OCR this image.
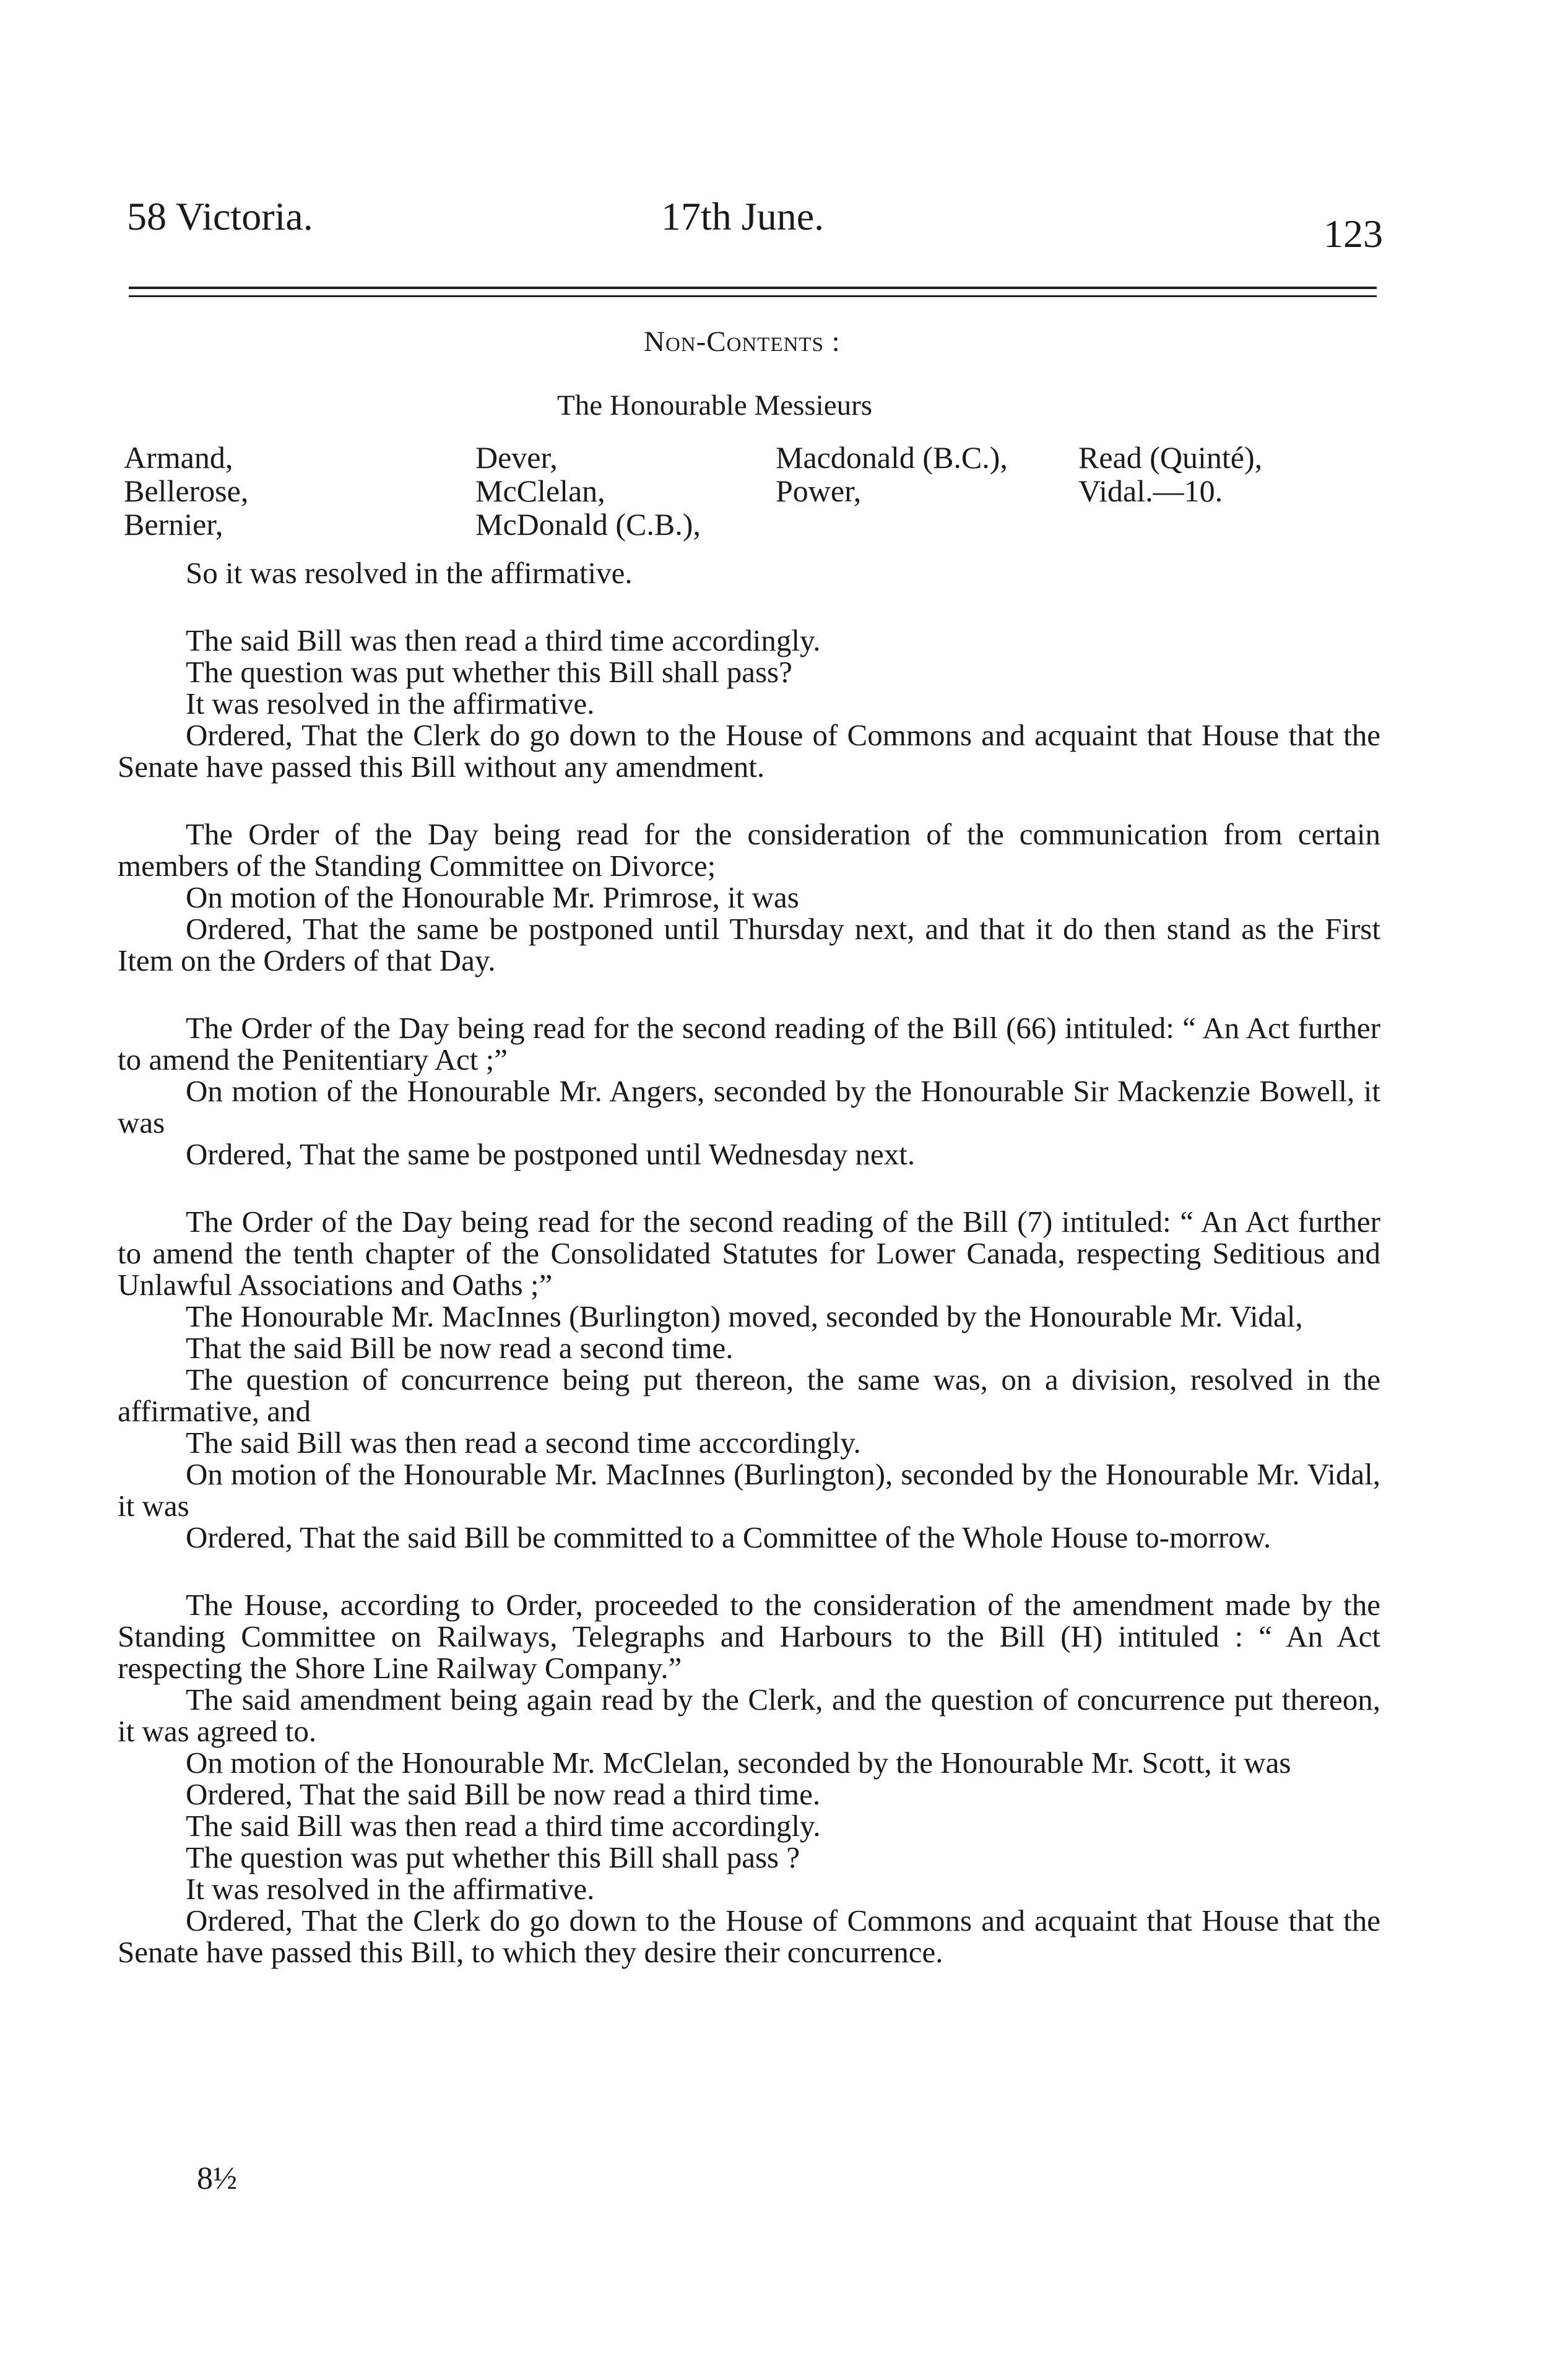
58 Victoria.	17th June.	123
Non-Contents :
The Honourable Messieurs
Armand,
Bellerose,
Bernier,
Dever,
McClelan,
McDonald (C.B.),
Macdonald (B.C.),
Power,
Read (Quinté),
Vidal.—10.

So it was resolved in the affirmative.

The said Bill was then read a third time accordingly.

The question was put whether this Bill shall pass?

It was resolved in the affirmative.

Ordered, That the Clerk do go down to the House of Commons and acquaint that House that the Senate have passed this Bill without any amendment.

The Order of the Day being read for the consideration of the communication from certain members of the Standing Committee on Divorce;

On motion of the Honourable Mr. Primrose, it was

Ordered, That the same be postponed until Thursday next, and that it do then stand as the First Item on the Orders of that Day.

The Order of the Day being read for the second reading of the Bill (66) intituled: “ An Act further to amend the Penitentiary Act ;”

On motion of the Honourable Mr. Angers, seconded by the Honourable Sir Mackenzie Bowell, it was

Ordered, That the same be postponed until Wednesday next.

The Order of the Day being read for the second reading of the Bill (7) intituled: “ An Act further to amend the tenth chapter of the Consolidated Statutes for Lower Canada, respecting Seditious and Unlawful Associations and Oaths ;”

The Honourable Mr. MacInnes (Burlington) moved, seconded by the Honourable Mr. Vidal,

That the said Bill be now read a second time.

The question of concurrence being put thereon, the same was, on a division, resolved in the affirmative, and

The said Bill was then read a second time acccordingly.

On motion of the Honourable Mr. MacInnes (Burlington), seconded by the Honourable Mr. Vidal, it was

Ordered, That the said Bill be committed to a Committee of the Whole House to-morrow.

The House, according to Order, proceeded to the consideration of the amendment made by the Standing Committee on Railways, Telegraphs and Harbours to the Bill (H) intituled : “ An Act respecting the Shore Line Railway Company.”

The said amendment being again read by the Clerk, and the question of concurrence put thereon, it was agreed to.

On motion of the Honourable Mr. McClelan, seconded by the Honourable Mr. Scott, it was

Ordered, That the said Bill be now read a third time.

The said Bill was then read a third time accordingly.

The question was put whether this Bill shall pass ?

It was resolved in the affirmative.

Ordered, That the Clerk do go down to the House of Commons and acquaint that House that the Senate have passed this Bill, to which they desire their concurrence.

8½
